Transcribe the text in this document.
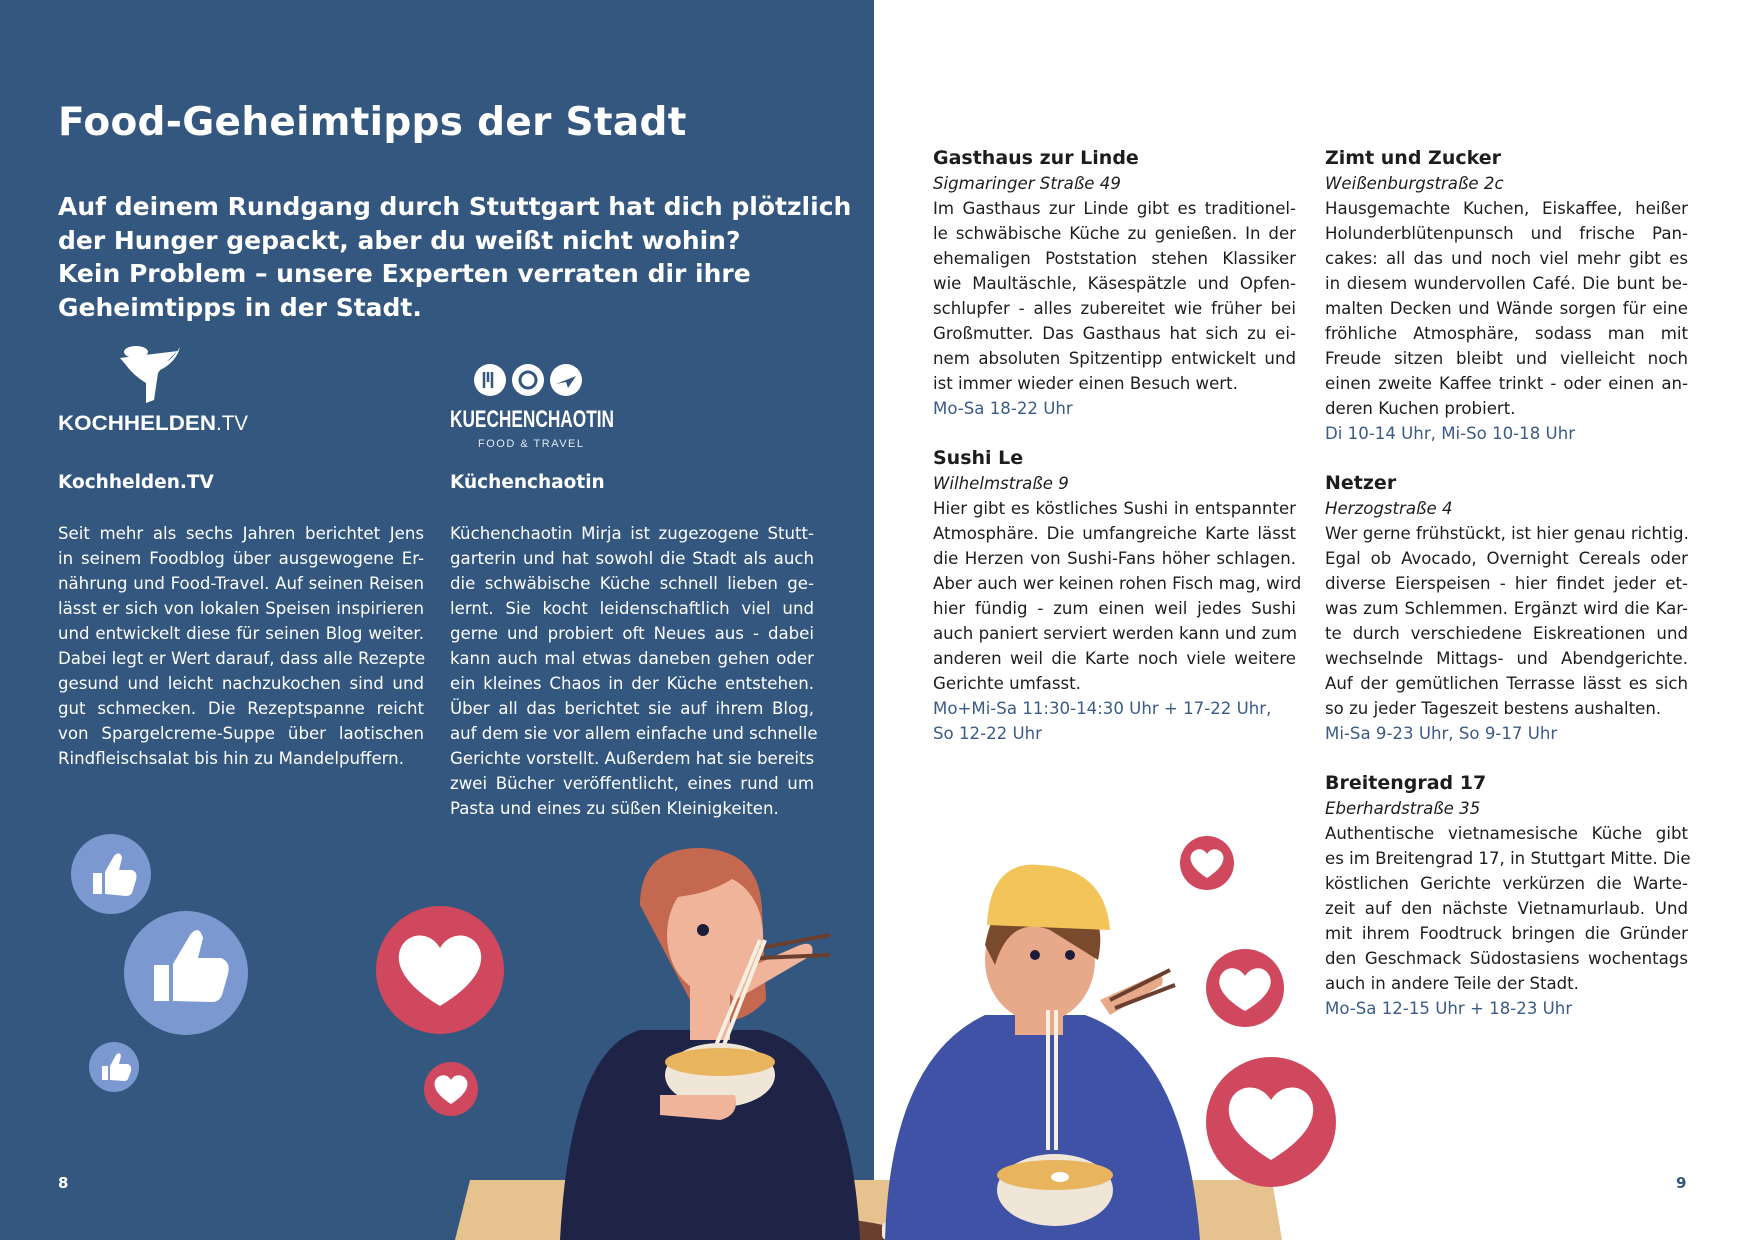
Food-Geheimtipps der Stadt
Auf deinem Rundgang durch Stuttgart hat dich plötzlich
der Hunger gepackt, aber du weißt nicht wohin?
Kein Problem – unsere Experten verraten dir ihre
Geheimtipps in der Stadt.
KOCHHELDEN .TV	KUECHENCHAOTIN
FOOD & TRAVEL
Kochhelden.TV
Seit mehr als sechs Jahren berichtet Jens
in seinem Foodblog über ausgewogene Er-
nährung und Food-Travel. Auf seinen Reisen
lässt er sich von lokalen Speisen inspirieren
und entwickelt diese für seinen Blog weiter.
Dabei legt er Wert darauf, dass alle Rezepte
gesund und leicht nachzukochen sind und
gut schmecken. Die Rezeptspanne reicht
von Spargelcreme-Suppe über laotischen
Rindfleischsalat bis hin zu Mandelpuffern.
Küchenchaotin
Küchenchaotin Mirja ist zugezogene Stutt-
garterin und hat sowohl die Stadt als auch
die schwäbische Küche schnell lieben ge-
lernt. Sie kocht leidenschaftlich viel und
gerne und probiert oft Neues aus - dabei
kann auch mal etwas daneben gehen oder
ein kleines Chaos in der Küche entstehen.
Über all das berichtet sie auf ihrem Blog,
auf dem sie vor allem einfache und schnelle
Gerichte vorstellt. Außerdem hat sie bereits
zwei Bücher veröffentlicht, eines rund um
Pasta und eines zu süßen Kleinigkeiten.
8
Gasthaus zur Linde
Sigmaringer Straße 49
Im Gasthaus zur Linde gibt es traditionel-
le schwäbische Küche zu genießen. In der
ehemaligen Poststation stehen Klassiker
wie Maultäschle, Käsespätzle und Opfen-
schlupfer - alles zubereitet wie früher bei
Großmutter. Das Gasthaus hat sich zu ei-
nem absoluten Spitzentipp entwickelt und
ist immer wieder einen Besuch wert.
Mo-Sa 18-22 Uhr
Sushi Le
Wilhelmstraße 9
Hier gibt es köstliches Sushi in entspannter
Atmosphäre. Die umfangreiche Karte lässt
die Herzen von Sushi-Fans höher schlagen.
Aber auch wer keinen rohen Fisch mag, wird
hier fündig - zum einen weil jedes Sushi
auch paniert serviert werden kann und zum
anderen weil die Karte noch viele weitere
Gerichte umfasst.
Mo+Mi-Sa 11:30-14:30 Uhr + 17-22 Uhr,
So 12-22 Uhr
Zimt und Zucker
Weißenburgstraße 2c
Hausgemachte Kuchen, Eiskaffee, heißer
Holunderblütenpunsch und frische Pan-
cakes: all das und noch viel mehr gibt es
in diesem wundervollen Café. Die bunt be-
malten Decken und Wände sorgen für eine
fröhliche Atmosphäre, sodass man mit
Freude sitzen bleibt und vielleicht noch
einen zweite Kaffee trinkt - oder einen an-
deren Kuchen probiert.
Di 10-14 Uhr, Mi-So 10-18 Uhr
Netzer
Herzogstraße 4
Wer gerne frühstückt, ist hier genau richtig.
Egal ob Avocado, Overnight Cereals oder
diverse Eierspeisen - hier findet jeder et-
was zum Schlemmen. Ergänzt wird die Kar-
te durch verschiedene Eiskreationen und
wechselnde Mittags- und Abendgerichte.
Auf der gemütlichen Terrasse lässt es sich
so zu jeder Tageszeit bestens aushalten.
Mi-Sa 9-23 Uhr, So 9-17 Uhr
Breitengrad 17
Eberhardstraße 35
Authentische vietnamesische Küche gibt
es im Breitengrad 17, in Stuttgart Mitte. Die
köstlichen Gerichte verkürzen die Warte-
zeit auf den nächste Vietnamurlaub. Und
mit ihrem Foodtruck bringen die Gründer
den Geschmack Südostasiens wochentags
auch in andere Teile der Stadt.
Mo-Sa 12-15 Uhr + 18-23 Uhr
9
